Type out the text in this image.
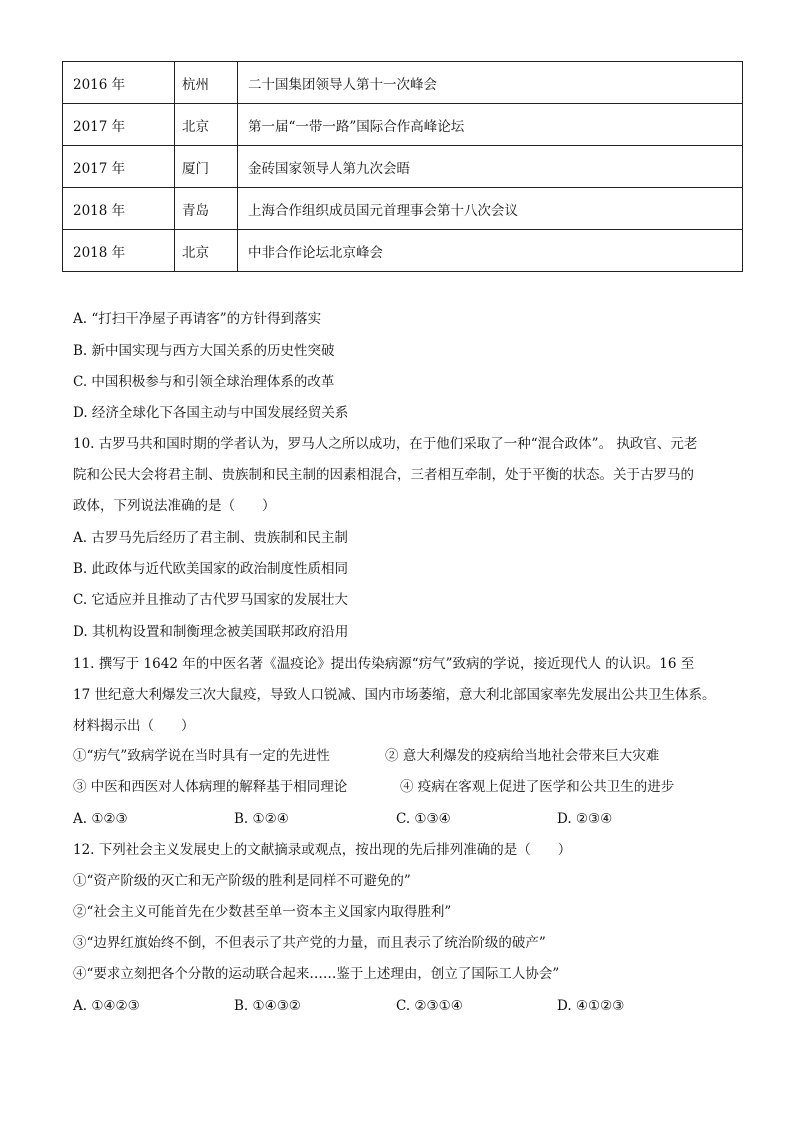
2016 年	杭州	二十国集团领导人第十一次峰会
2017 年	北京	第一届“一带一路”国际合作高峰论坛
2017 年	厦门	金砖国家领导人第九次会晤
2018 年	青岛	上海合作组织成员国元首理事会第十八次会议
2018 年	北京	中非合作论坛北京峰会
A. “打扫干净屋子再请客”的方针得到落实
B. 新中国实现与西方大国关系的历史性突破
C. 中国积极参与和引领全球治理体系的改革
D. 经济全球化下各国主动与中国发展经贸关系
10. 古罗马共和国时期的学者认为，罗马人之所以成功，在于他们采取了一种“混合政体”。 执政官、元老
院和公民大会将君主制、贵族制和民主制的因素相混合，三者相互牵制，处于平衡的状态。关于古罗马的
政体，下列说法准确的是（　　）
A. 古罗马先后经历了君主制、贵族制和民主制
B. 此政体与近代欧美国家的政治制度性质相同
C. 它适应并且推动了古代罗马国家的发展壮大
D. 其机构设置和制衡理念被美国联邦政府沿用
11. 撰写于 1642 年的中医名著《温疫论》提出传染病源“疠气”致病的学说，接近现代人 的认识。16 至
17 世纪意大利爆发三次大鼠疫，导致人口锐减、国内市场萎缩，意大利北部国家率先发展出公共卫生体系。
材料揭示出（　　）
①“疠气”致病学说在当时具有一定的先进性	② 意大利爆发的疫病给当地社会带来巨大灾难
③ 中医和西医对人体病理的解释基于相同理论	④ 疫病在客观上促进了医学和公共卫生的进步
A. ①②③	B. ①②④	C. ①③④	D. ②③④
12. 下列社会主义发展史上的文献摘录或观点，按出现的先后排列准确的是（　　）
①“资产阶级的灭亡和无产阶级的胜利是同样不可避免的”
②“社会主义可能首先在少数甚至单一资本主义国家内取得胜利”
③“边界红旗始终不倒，不但表示了共产党的力量，而且表示了统治阶级的破产”
④“要求立刻把各个分散的运动联合起来……鉴于上述理由，创立了国际工人协会”
A. ①④②③	B. ①④③②	C. ②③①④	D. ④①②③
